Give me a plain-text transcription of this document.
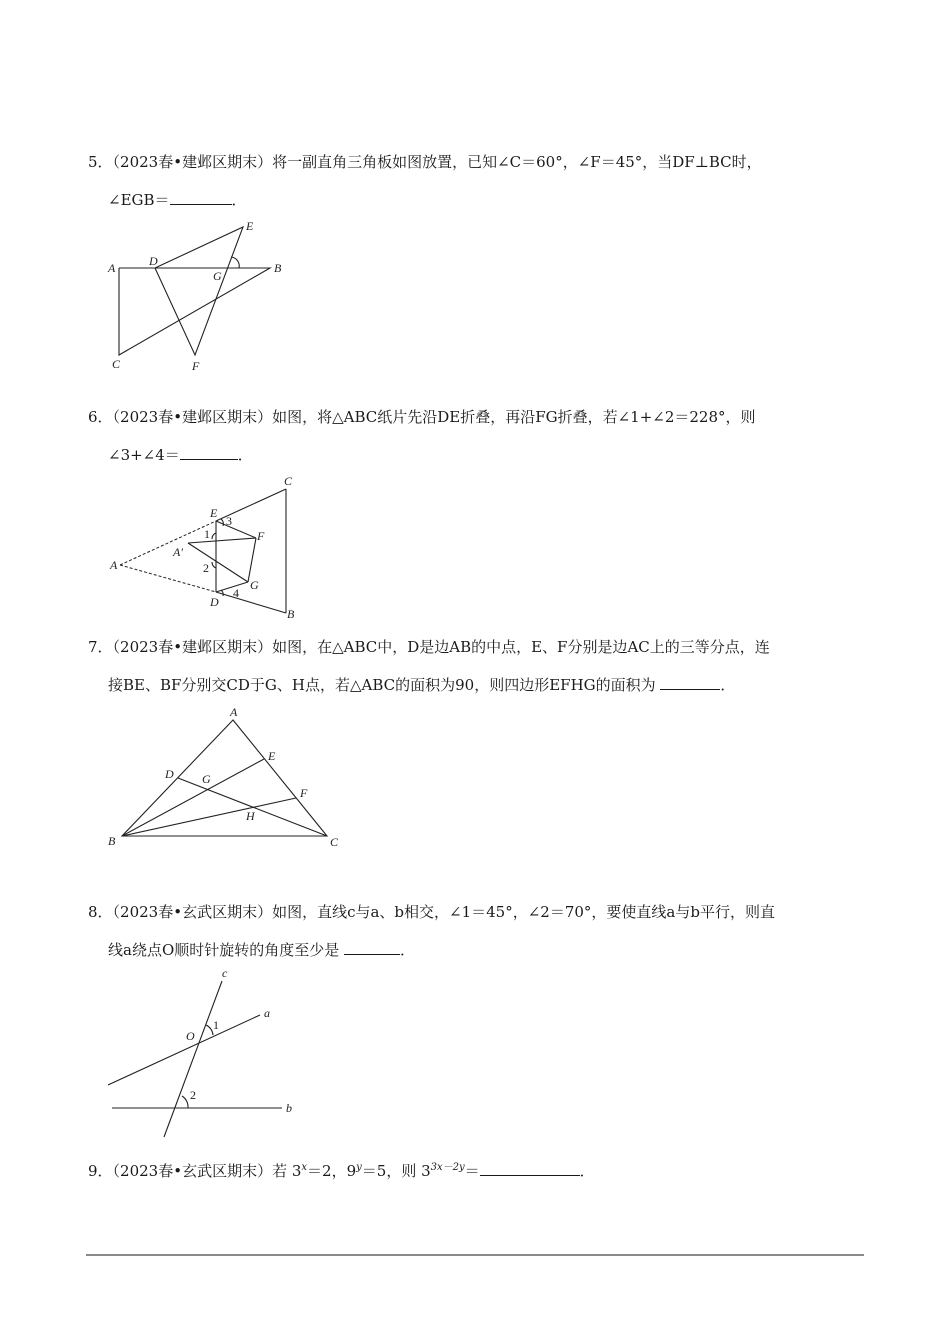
5．（2023春•建邺区期末）将一副直角三角板如图放置，已知∠C＝60°，∠F＝45°，当DF⊥BC时，
∠EGB＝	．
A	D
E
G
B
C	F
6．（2023春•建邺区期末）如图，将△ABC纸片先沿DE折叠，再沿FG折叠，若∠1+∠2＝228°，则
∠3+∠4＝	．
A
A′
E
C
F
G
D
B
3
1
2
4
7．（2023春•建邺区期末）如图，在△ABC中，D是边AB的中点，E、F分别是边AC上的三等分点，连
接BE、BF分别交CD于G、H点，若△ABC的面积为90，则四边形EFHG的面积为	．
A
E
D G
F
H
B	C
8．（2023春•玄武区期末）如图，直线c与a、b相交，∠1＝45°，∠2＝70°，要使直线a与b平行，则直
线a绕点O顺时针旋转的角度至少是	．
c
a
O
1
2
b
9．（2023春•玄武区期末）若 $3^x=2$，$9^y=5$，则 $3^{3x-2y}=$	．
